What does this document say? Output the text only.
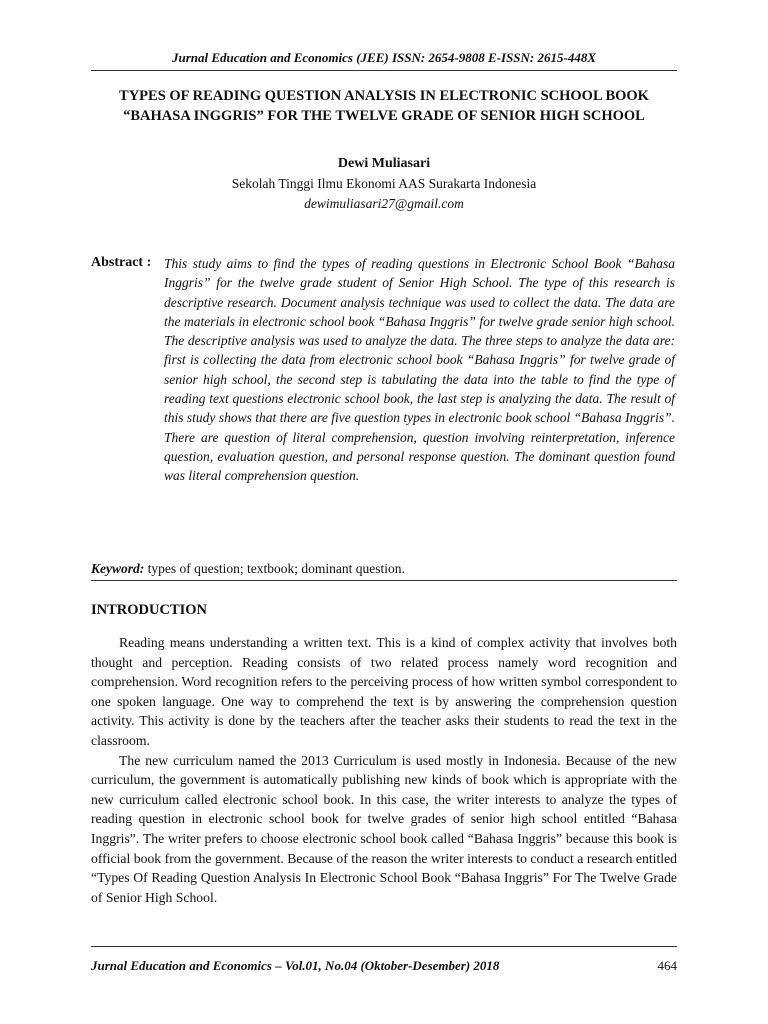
Jurnal Education and Economics (JEE) ISSN: 2654-9808 E-ISSN: 2615-448X
TYPES OF READING QUESTION ANALYSIS IN ELECTRONIC SCHOOL BOOK
“BAHASA INGGRIS” FOR THE TWELVE GRADE OF SENIOR HIGH SCHOOL
Dewi Muliasari
Sekolah Tinggi Ilmu Ekonomi AAS Surakarta Indonesia
dewimuliasari27@gmail.com
Abstract : This study aims to find the types of reading questions in Electronic School Book “Bahasa Inggris” for the twelve grade student of Senior High School. The type of this research is descriptive research. Document analysis technique was used to collect the data. The data are the materials in electronic school book “Bahasa Inggris” for twelve grade senior high school. The descriptive analysis was used to analyze the data. The three steps to analyze the data are: first is collecting the data from electronic school book “Bahasa Inggris” for twelve grade of senior high school, the second step is tabulating the data into the table to find the type of reading text questions electronic school book, the last step is analyzing the data. The result of this study shows that there are five question types in electronic book school “Bahasa Inggris”. There are question of literal comprehension, question involving reinterpretation, inference question, evaluation question, and personal response question. The dominant question found was literal comprehension question.
Keyword: types of question; textbook; dominant question.
INTRODUCTION

Reading means understanding a written text. This is a kind of complex activity that involves both thought and perception. Reading consists of two related process namely word recognition and comprehension. Word recognition refers to the perceiving process of how written symbol correspondent to one spoken language. One way to comprehend the text is by answering the comprehension question activity. This activity is done by the teachers after the teacher asks their students to read the text in the classroom.

The new curriculum named the 2013 Curriculum is used mostly in Indonesia. Because of the new curriculum, the government is automatically publishing new kinds of book which is appropriate with the new curriculum called electronic school book. In this case, the writer interests to analyze the types of reading question in electronic school book for twelve grades of senior high school entitled “Bahasa Inggris”. The writer prefers to choose electronic school book called “Bahasa Inggris” because this book is official book from the government. Because of the reason the writer interests to conduct a research entitled “Types Of Reading Question Analysis In Electronic School Book “Bahasa Inggris” For The Twelve Grade of Senior High School.

Jurnal Education and Economics – Vol.01, No.04 (Oktober-Desember) 2018	464
